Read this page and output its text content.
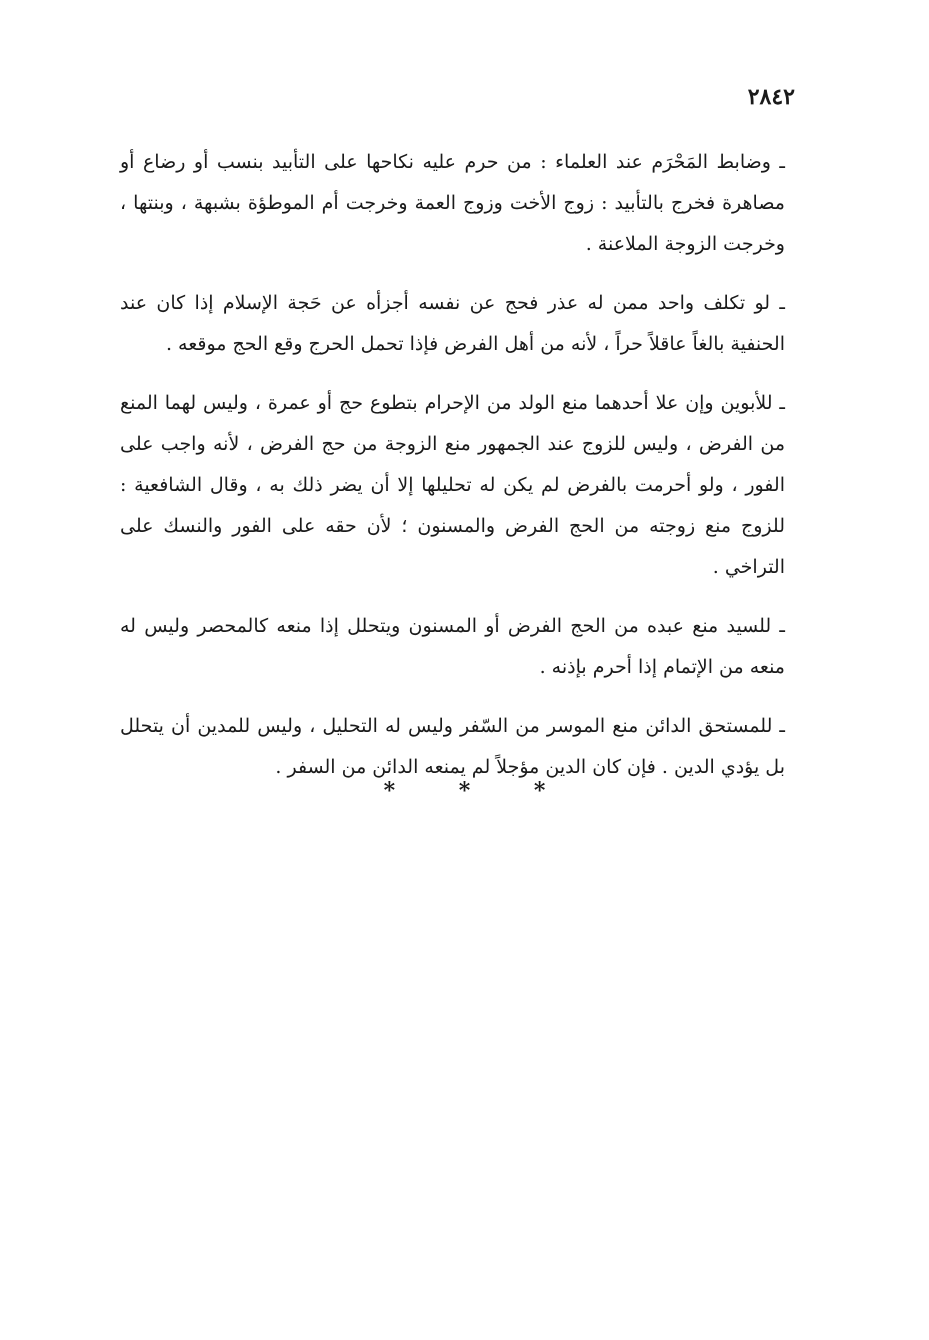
٢٨٤٢

ـ وضابط المَحْرَم عند العلماء : من حرم عليه نكاحها على التأبيد بنسب أو رضاع أو مصاهرة فخرج بالتأبيد : زوج الأخت وزوج العمة وخرجت أم الموطؤة بشبهة ، وبنتها ، وخرجت الزوجة الملاعنة .

ـ لو تكلف واحد ممن له عذر فحج عن نفسه أجزأه عن حَجة الإسلام إذا كان عند الحنفية بالغاً عاقلاً حراً ، لأنه من أهل الفرض فإذا تحمل الحرج وقع الحج موقعه .

ـ للأبوين وإن علا أحدهما منع الولد من الإحرام بتطوع حج أو عمرة ، وليس لهما المنع من الفرض ، وليس للزوج عند الجمهور منع الزوجة من حج الفرض ، لأنه واجب على الفور ، ولو أحرمت بالفرض لم يكن له تحليلها إلا أن يضر ذلك به ، وقال الشافعية : للزوج منع زوجته من الحج الفرض والمسنون ؛ لأن حقه على الفور والنسك على التراخي .

ـ للسيد منع عبده من الحج الفرض أو المسنون ويتحلل إذا منعه كالمحصر وليس له منعه من الإتمام إذا أحرم بإذنه .

ـ للمستحق الدائن منع الموسر من السّفر وليس له التحليل ، وليس للمدين أن يتحلل بل يؤدي الدين . فإن كان الدين مؤجلاً لم يمنعه الدائن من السفر .

* * *
